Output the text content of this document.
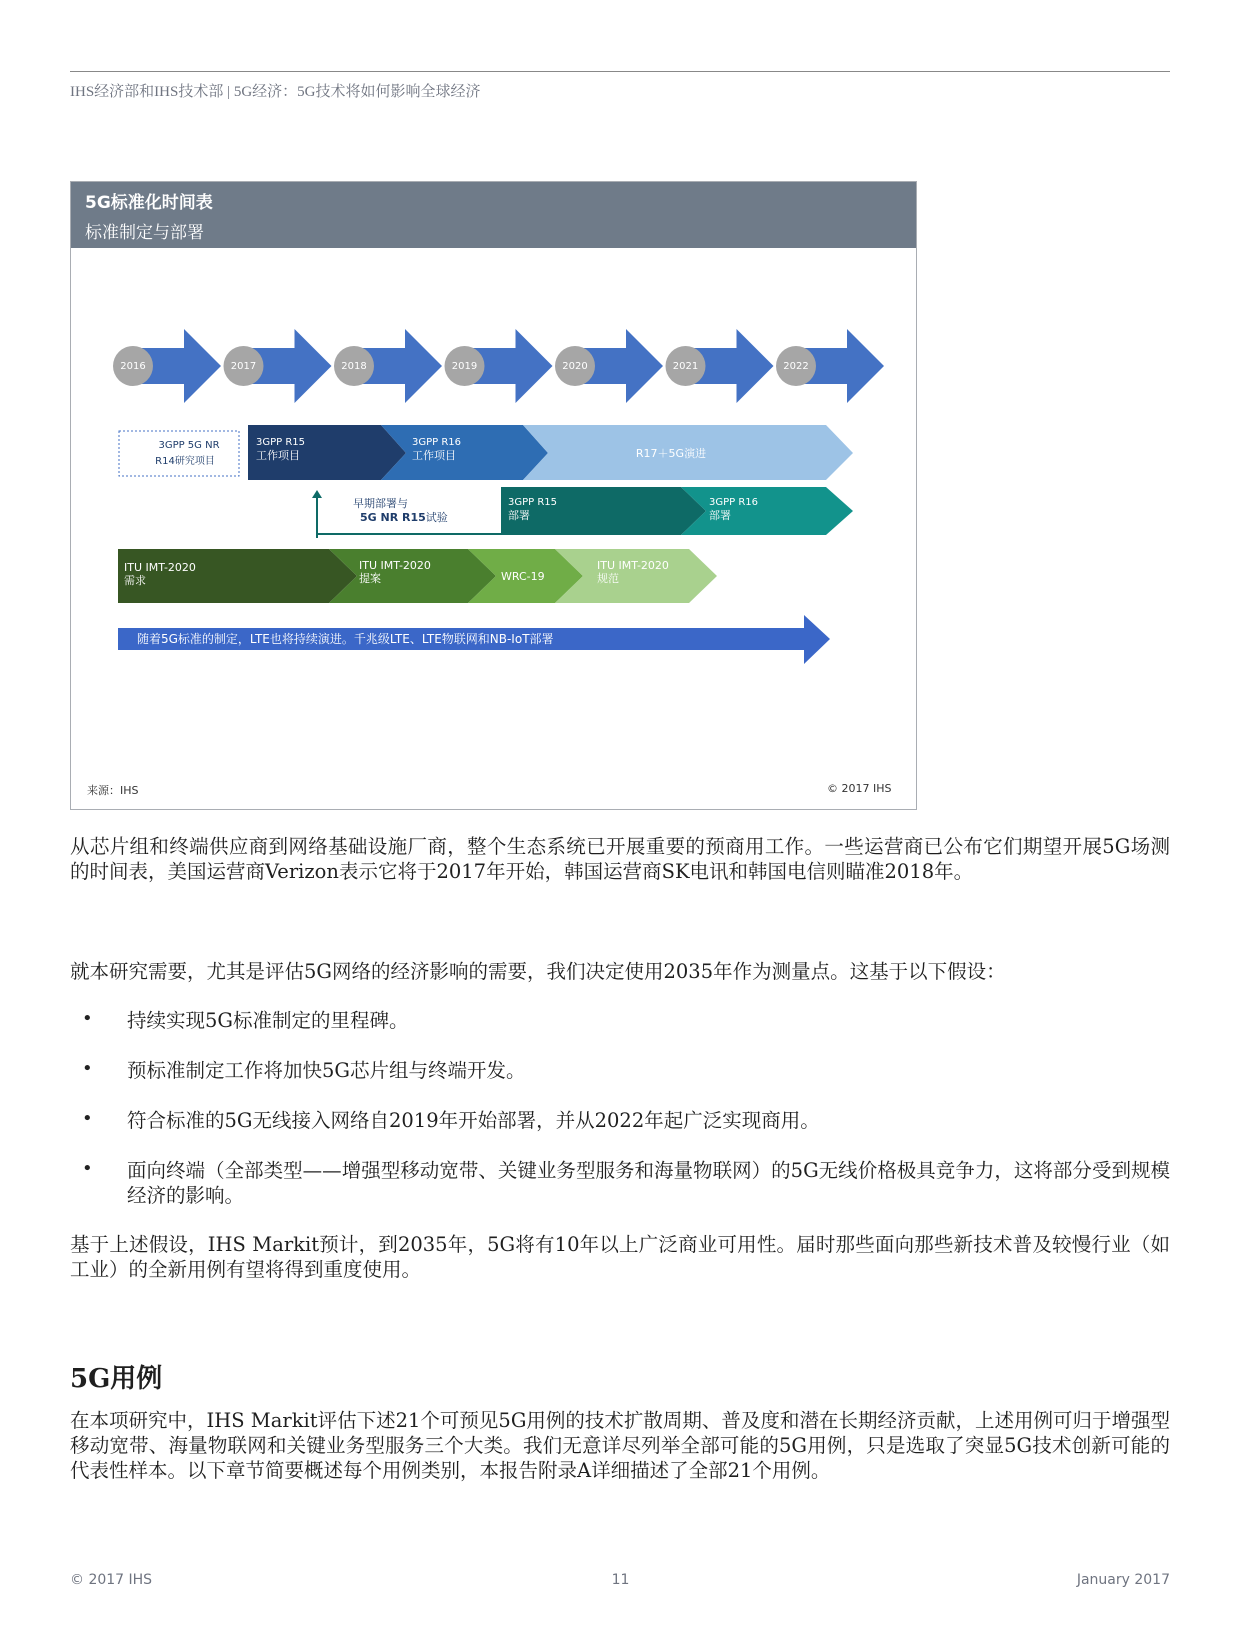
IHS经济部和IHS技术部 | 5G经济：5G技术将如何影响全球经济
5G标准化时间表
标准制定与部署
2016	2017	2018	2019	2020	2021	2022
3GPP 5G NR
R14研究项目
3GPP R15
工作项目
3GPP R16
工作项目	R17＋5G演进
早期部署与
5G NR R15试验
3GPP R15
部署
3GPP R16
部署
ITU IMT-2020
需求
ITU IMT-2020
提案	WRC-19
ITU IMT-2020
规范
随着5G标准的制定，LTE也将持续演进。千兆级LTE、LTE物联网和NB-IoT部署
来源：IHS	© 2017 IHS
从芯片组和终端供应商到网络基础设施厂商，整个生态系统已开展重要的预商用工作。一些运营商已公布它们期望开展5G场测的时间表，美国运营商Verizon表示它将于2017年开始，韩国运营商SK电讯和韩国电信则瞄准2018年。
就本研究需要，尤其是评估5G网络的经济影响的需要，我们决定使用2035年作为测量点。这基于以下假设：
• 持续实现5G标准制定的里程碑。
• 预标准制定工作将加快5G芯片组与终端开发。
• 符合标准的5G无线接入网络自2019年开始部署，并从2022年起广泛实现商用。
• 面向终端（全部类型——增强型移动宽带、关键业务型服务和海量物联网）的5G无线价格极具竞争力，这将部分受到规模经济的影响。
基于上述假设，IHS Markit预计，到2035年，5G将有10年以上广泛商业可用性。届时那些面向那些新技术普及较慢行业（如工业）的全新用例有望将得到重度使用。
5G用例
在本项研究中，IHS Markit评估下述21个可预见5G用例的技术扩散周期、普及度和潜在长期经济贡献，上述用例可归于增强型移动宽带、海量物联网和关键业务型服务三个大类。我们无意详尽列举全部可能的5G用例，只是选取了突显5G技术创新可能的代表性样本。以下章节简要概述每个用例类别，本报告附录A详细描述了全部21个用例。
© 2017 IHS	11	January 2017
